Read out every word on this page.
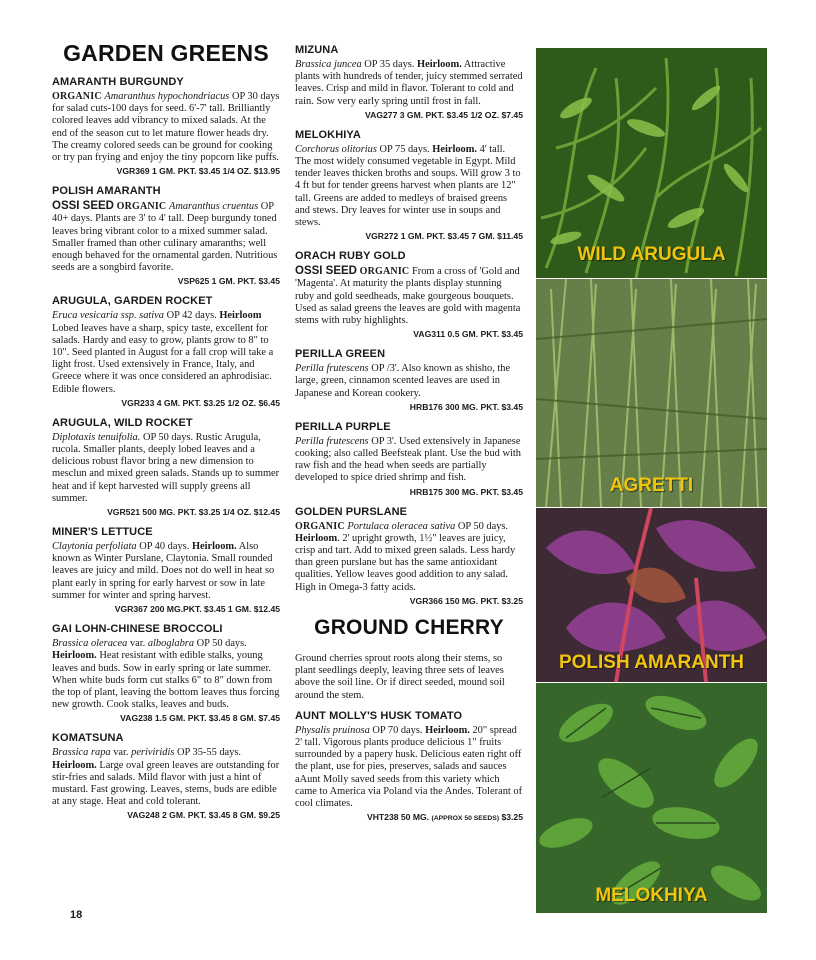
GARDEN GREENS
AMARANTH BURGUNDY

ORGANIC Amaranthus hypochondriacus OP 30 days for salad cuts-100 days for seed. 6'-7' tall. Brilliantly colored leaves add vibrancy to mixed salads. At the end of the season cut to let mature flower heads dry. The creamy colored seeds can be ground for cooking or try pan frying and enjoy the tiny popcorn like puffs.

VGR369 1 GM. PKT. $3.45 1/4 OZ. $13.95
POLISH AMARANTH

OSSI SEED ORGANIC Amaranthus cruentus OP 40+ days. Plants are 3' to 4' tall. Deep burgundy toned leaves bring vibrant color to a mixed summer salad. Smaller framed than other culinary amaranths; well enough behaved for the ornamental garden. Nutritious seeds are a songbird favorite.

VSP625 1 GM. PKT. $3.45
ARUGULA, GARDEN ROCKET

Eruca vesicaria ssp. sativa OP 42 days. Heirloom Lobed leaves have a sharp, spicy taste, excellent for salads. Hardy and easy to grow, plants grow to 8" to 10". Seed planted in August for a fall crop will take a light frost. Used extensively in France, Italy, and Greece where it was once considered an aphrodisiac. Edible flowers.

VGR233 4 GM. PKT. $3.25 1/2 OZ. $6.45
ARUGULA, WILD ROCKET

Diplotaxis tenuifolia. OP 50 days. Rustic Arugula, rucola. Smaller plants, deeply lobed leaves and a delicious robust flavor bring a new dimension to mesclun and mixed green salads. Stands up to summer heat and if kept harvested will supply greens all summer.

VGR521 500 MG. PKT. $3.25 1/4 OZ. $12.45
MINER'S LETTUCE

Claytonia perfoliata OP 40 days. Heirloom. Also known as Winter Purslane, Claytonia. Small rounded leaves are juicy and mild. Does not do well in heat so plant early in spring for early harvest or sow in late summer for winter and spring harvest.

VGR367 200 MG.PKT. $3.45 1 GM. $12.45
GAI LOHN-CHINESE BROCCOLI

Brassica oleracea var. alboglabra OP 50 days. Heirloom. Heat resistant with edible stalks, young leaves and buds. Sow in early spring or late summer. When white buds form cut stalks 6" to 8" down from the top of plant, leaving the bottom leaves thus forcing new growth. Cook stalks, leaves and buds.

VAG238 1.5 GM. PKT. $3.45 8 GM. $7.45
KOMATSUNA

Brassica rapa var. periviridis OP 35-55 days. Heirloom. Large oval green leaves are outstanding for stir-fries and salads. Mild flavor with just a hint of mustard. Fast growing. Leaves, stems, buds are edible at any stage. Heat and cold tolerant.

VAG248 2 GM. PKT. $3.45 8 GM. $9.25
MIZUNA

Brassica juncea OP 35 days. Heirloom. Attractive plants with hundreds of tender, juicy stemmed serrated leaves. Crisp and mild in flavor. Tolerant to cold and rain. Sow very early spring until frost in fall.

VAG277 3 GM. PKT. $3.45 1/2 OZ. $7.45
MELOKHIYA

Corchorus olitorius OP 75 days. Heirloom. 4' tall. The most widely consumed vegetable in Egypt. Mild tender leaves thicken broths and soups. Will grow 3 to 4 ft but for tender greens harvest when plants are 12" tall. Greens are added to medleys of braised greens and stews. Dry leaves for winter use in soups and stews.

VGR272 1 GM. PKT. $3.45 7 GM. $11.45
ORACH RUBY GOLD

OSSI SEED ORGANIC From a cross of 'Gold and 'Magenta'. At maturity the plants display stunning ruby and gold seedheads, make gourgeous bouquets. Used as salad greens the leaves are gold with magenta stems with ruby highlights.

VAG311 0.5 GM. PKT. $3.45
PERILLA GREEN

Perilla frutescens OP /3'. Also known as shisho, the large, green, cinnamon scented leaves are used in Japanese and Korean cookery.

HRB176 300 MG. PKT. $3.45
PERILLA PURPLE

Perilla frutescens OP 3'. Used extensively in Japanese cooking; also called Beefsteak plant. Use the bud with raw fish and the head when seeds are partially developed to spice dried shrimp and fish.

HRB175 300 MG. PKT. $3.45
GOLDEN PURSLANE

ORGANIC Portulaca oleracea sativa OP 50 days. Heirloom. 2' upright growth, 1½" leaves are juicy, crisp and tart. Add to mixed green salads. Less hardy than green purslane but has the same antioxidant qualities. Yellow leaves good addition to any salad. High in Omega-3 fatty acids.

VGR366 150 MG. PKT. $3.25
GROUND CHERRY

Ground cherries sprout roots along their stems, so plant seedlings deeply, leaving three sets of leaves above the soil line. Or if direct seeded, mound soil around the stem.

AUNT MOLLY'S HUSK TOMATO

Physalis pruinosa OP 70 days. Heirloom. 20" spread 2' tall. Vigorous plants produce delicious 1" fruits surrounded by a papery husk. Delicious eaten right off the plant, use for pies, preserves, salads and sauces aAunt Molly saved seeds from this variety which came to America via Poland via the Andes. Tolerant of cool climates.

VHT238 50 MG. (APPROX 50 SEEDS) $3.25
WILD ARUGULA
AGRETTI
POLISH AMARANTH
MELOKHIYA
18
